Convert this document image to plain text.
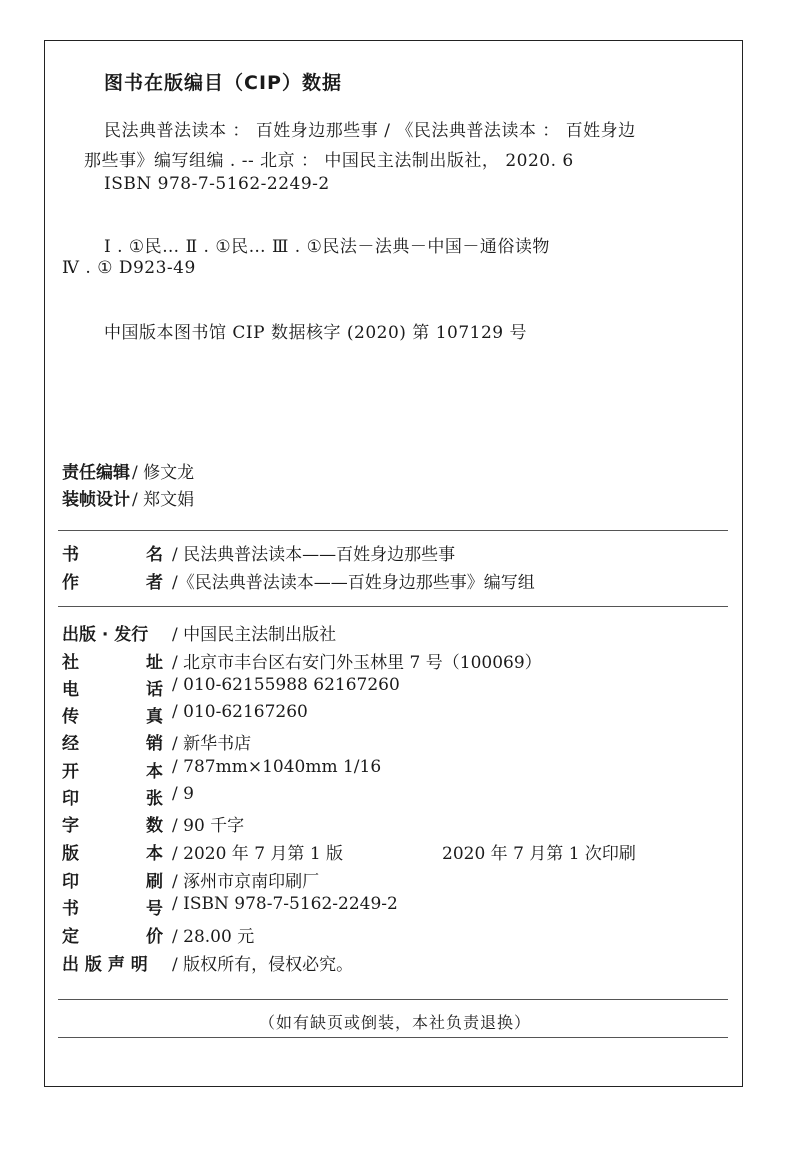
图书在版编目（CIP）数据
民法典普法读本 ： 百姓身边那些事 / 《民法典普法读本 ： 百姓身边
那些事》编写组编 . -- 北京 ： 中国民主法制出版社， 2020. 6
ISBN 978-7-5162-2249-2
Ⅰ . ①民… Ⅱ . ①民… Ⅲ . ①民法－法典－中国－通俗读物
Ⅳ . ① D923-49
中国版本图书馆 CIP 数据核字 (2020) 第 107129 号
责任编辑 / 修文龙
装帧设计 / 郑文娟
书	名 / 民法典普法读本——百姓身边那些事
作	者 /《民法典普法读本——百姓身边那些事》编写组
出版 · 发行	/ 中国民主法制出版社
社	址 / 北京市丰台区右安门外玉林里 7 号（100069）
电	话 / 010-62155988 62167260
传	真 / 010-62167260
经	销 / 新华书店
开	本 / 787mm×1040mm 1/16
印	张 / 9
字	数 / 90 千字
版	本 / 2020 年 7 月第 1 版	2020 年 7 月第 1 次印刷
印	刷 / 涿州市京南印刷厂
书	号 / ISBN 978-7-5162-2249-2
定	价 / 28.00 元
出 版 声 明	/ 版权所有，侵权必究。
（如有缺页或倒装，本社负责退换）
